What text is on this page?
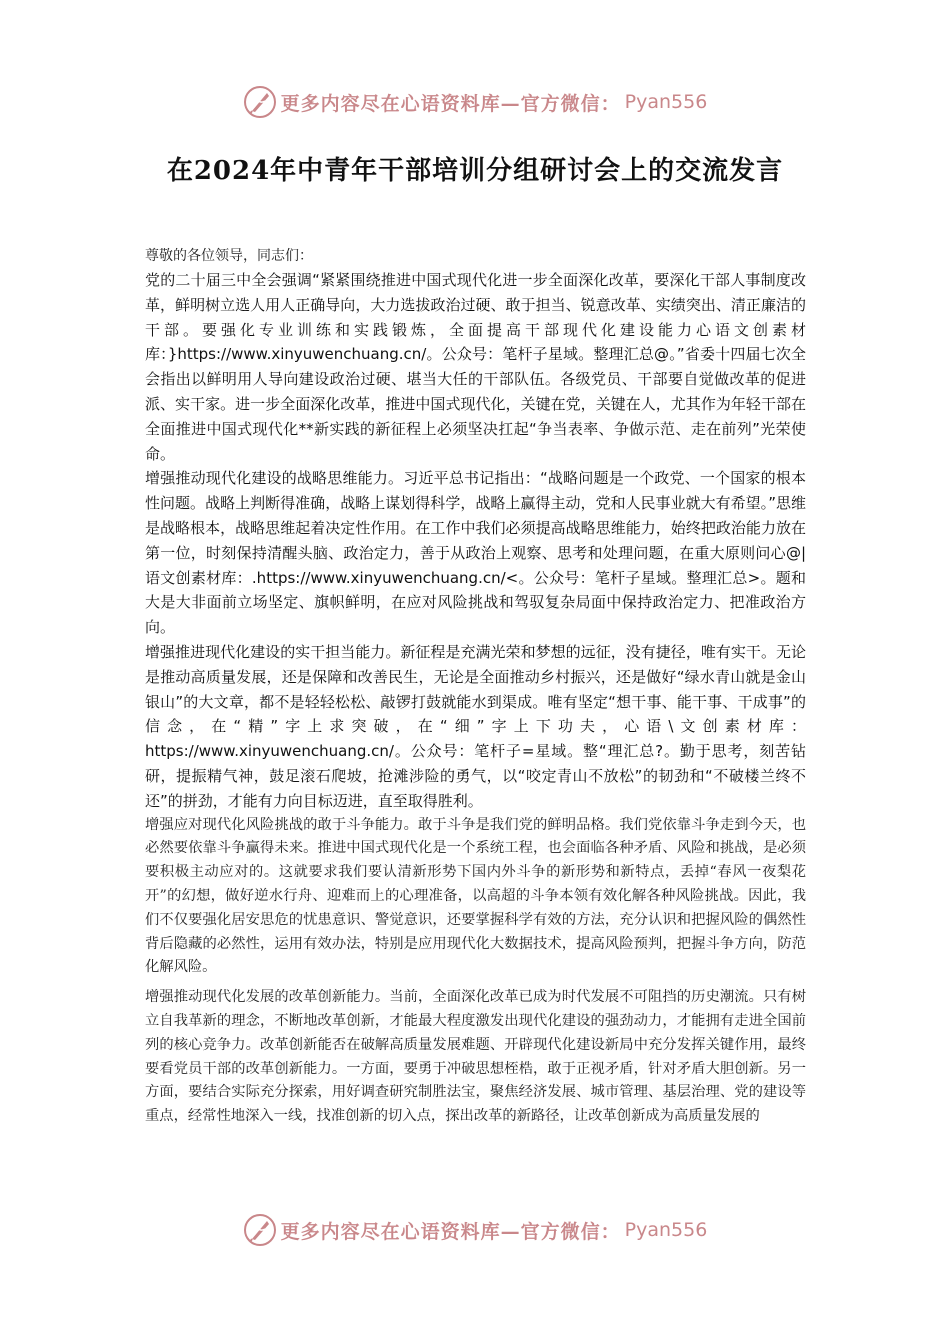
更多内容尽在心语资料库—官方微信： Pyan556
在2024年中青年干部培训分组研讨会上的交流发言

尊敬的各位领导，同志们：

党的二十届三中全会强调“紧紧围绕推进中国式现代化进一步全面深化改革，要深化干部人事制度改革，鲜明树立选人用人正确导向，大力选拔政治过硬、敢于担当、锐意改革、实绩突出、清正廉洁的干部。要强化专业训练和实践锻炼，全面提高干部现代化建设能力心语文创素材库：}https://www.xinyuwenchuang.cn/。公众号：笔杆子星域。整理汇总@。”省委十四届七次全会指出以鲜明用人导向建设政治过硬、堪当大任的干部队伍。各级党员、干部要自觉做改革的促进派、实干家。进一步全面深化改革，推进中国式现代化，关键在党，关键在人，尤其作为年轻干部在全面推进中国式现代化**新实践的新征程上必须坚决扛起“争当表率、争做示范、走在前列”光荣使命。

增强推动现代化建设的战略思维能力。习近平总书记指出：“战略问题是一个政党、一个国家的根本性问题。战略上判断得准确，战略上谋划得科学，战略上赢得主动，党和人民事业就大有希望。”思维是战略根本，战略思维起着决定性作用。在工作中我们必须提高战略思维能力，始终把政治能力放在第一位，时刻保持清醒头脑、政治定力，善于从政治上观察、思考和处理问题，在重大原则问心@|语文创素材库：.https://www.xinyuwenchuang.cn/<。公众号：笔杆子星域。整理汇总>。题和大是大非面前立场坚定、旗帜鲜明，在应对风险挑战和驾驭复杂局面中保持政治定力、把准政治方向。

增强推进现代化建设的实干担当能力。新征程是充满光荣和梦想的远征，没有捷径，唯有实干。无论是推动高质量发展，还是保障和改善民生，无论是全面推动乡村振兴，还是做好“绿水青山就是金山银山”的大文章，都不是轻轻松松、敲锣打鼓就能水到渠成。唯有坚定“想干事、能干事、干成事”的信念，在“精”字上求突破，在“细”字上下功夫，心语\文创素材库：https://www.xinyuwenchuang.cn/。公众号：笔杆子=星域。整“理汇总?。勤于思考，刻苦钻研，提振精气神，鼓足滚石爬坡，抢滩涉险的勇气，以“咬定青山不放松”的韧劲和“不破楼兰终不还”的拼劲，才能有力向目标迈进，直至取得胜利。

增强应对现代化风险挑战的敢于斗争能力。敢于斗争是我们党的鲜明品格。我们党依靠斗争走到今天，也必然要依靠斗争赢得未来。推进中国式现代化是一个系统工程，也会面临各种矛盾、风险和挑战，是必须要积极主动应对的。这就要求我们要认清新形势下国内外斗争的新形势和新特点，丢掉“春风一夜梨花开”的幻想，做好逆水行舟、迎难而上的心理准备，以高超的斗争本领有效化解各种风险挑战。因此，我们不仅要强化居安思危的忧患意识、警觉意识，还要掌握科学有效的方法，充分认识和把握风险的偶然性背后隐藏的必然性，运用有效办法，特别是应用现代化大数据技术，提高风险预判，把握斗争方向，防范化解风险。

增强推动现代化发展的改革创新能力。当前，全面深化改革已成为时代发展不可阻挡的历史潮流。只有树立自我革新的理念，不断地改革创新，才能最大程度激发出现代化建设的强劲动力，才能拥有走进全国前列的核心竞争力。改革创新能否在破解高质量发展难题、开辟现代化建设新局中充分发挥关键作用，最终要看党员干部的改革创新能力。一方面，要勇于冲破思想桎梏，敢于正视矛盾，针对矛盾大胆创新。另一方面，要结合实际充分探索，用好调查研究制胜法宝，聚焦经济发展、城市管理、基层治理、党的建设等重点，经常性地深入一线，找准创新的切入点，探出改革的新路径，让改革创新成为高质量发展的

更多内容尽在心语资料库—官方微信： Pyan556
